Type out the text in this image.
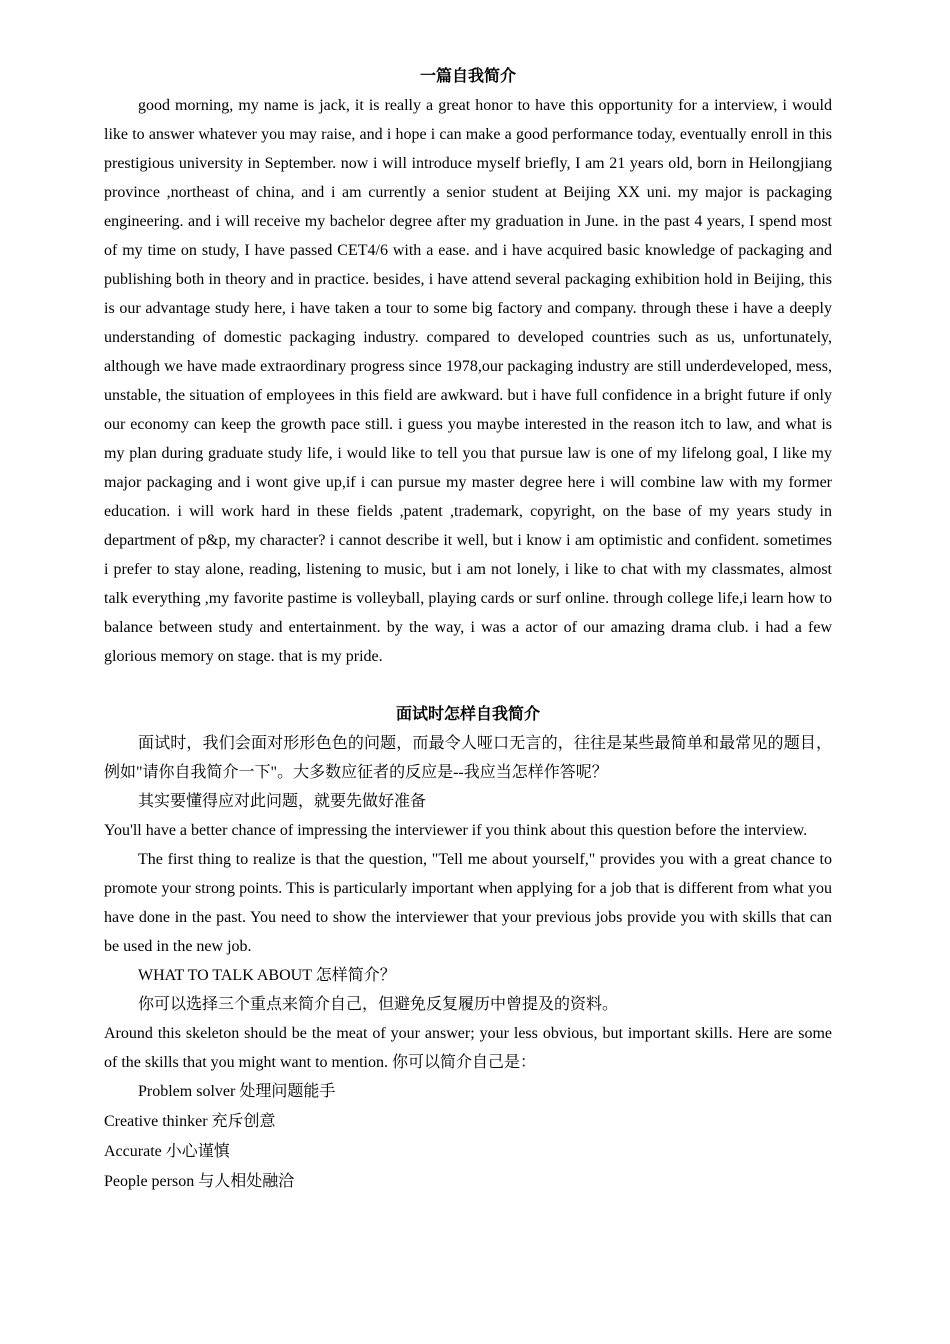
一篇自我简介

good morning, my name is jack, it is really a great honor to have this opportunity for a interview, i would like to answer whatever you may raise, and i hope i can make a good performance today, eventually enroll in this prestigious university in September. now i will introduce myself briefly, I am 21 years old, born in Heilongjiang province ,northeast of china, and i am currently a senior student at Beijing XX uni. my major is packaging engineering. and i will receive my bachelor degree after my graduation in June. in the past 4 years, I spend most of my time on study, I have passed CET4/6 with a ease. and i have acquired basic knowledge of packaging and publishing both in theory and in practice. besides, i have attend several packaging exhibition hold in Beijing, this is our advantage study here, i have taken a tour to some big factory and company. through these i have a deeply understanding of domestic packaging industry. compared to developed countries such as us, unfortunately, although we have made extraordinary progress since 1978,our packaging industry are still underdeveloped, mess, unstable, the situation of employees in this field are awkward. but i have full confidence in a bright future if only our economy can keep the growth pace still. i guess you maybe interested in the reason itch to law, and what is my plan during graduate study life, i would like to tell you that pursue law is one of my lifelong goal, I like my major packaging and i wont give up,if i can pursue my master degree here i will combine law with my former education. i will work hard in these fields ,patent ,trademark, copyright, on the base of my years study in department of p&p, my character? i cannot describe it well, but i know i am optimistic and confident. sometimes i prefer to stay alone, reading, listening to music, but i am not lonely, i like to chat with my classmates, almost talk everything ,my favorite pastime is volleyball, playing cards or surf online. through college life,i learn how to balance between study and entertainment. by the way, i was a actor of our amazing drama club. i had a few glorious memory on stage. that is my pride.

面试时怎样自我简介

面试时，我们会面对形形色色的问题，而最令人哑口无言的，往往是某些最简单和最常见的题目，例如"请你自我简介一下"。大多数应征者的反应是--我应当怎样作答呢？

其实要懂得应对此问题，就要先做好准备

You'll have a better chance of impressing the interviewer if you think about this question before the interview.

The first thing to realize is that the question, "Tell me about yourself," provides you with a great chance to promote your strong points. This is particularly important when applying for a job that is different from what you have done in the past. You need to show the interviewer that your previous jobs provide you with skills that can be used in the new job.

WHAT TO TALK ABOUT 怎样简介？

你可以选择三个重点来简介自己，但避免反复履历中曾提及的资料。

Around this skeleton should be the meat of your answer; your less obvious, but important skills. Here are some of the skills that you might want to mention. 你可以简介自己是：

Problem solver 处理问题能手

Creative thinker 充斥创意

Accurate 小心谨慎

People person 与人相处融洽
